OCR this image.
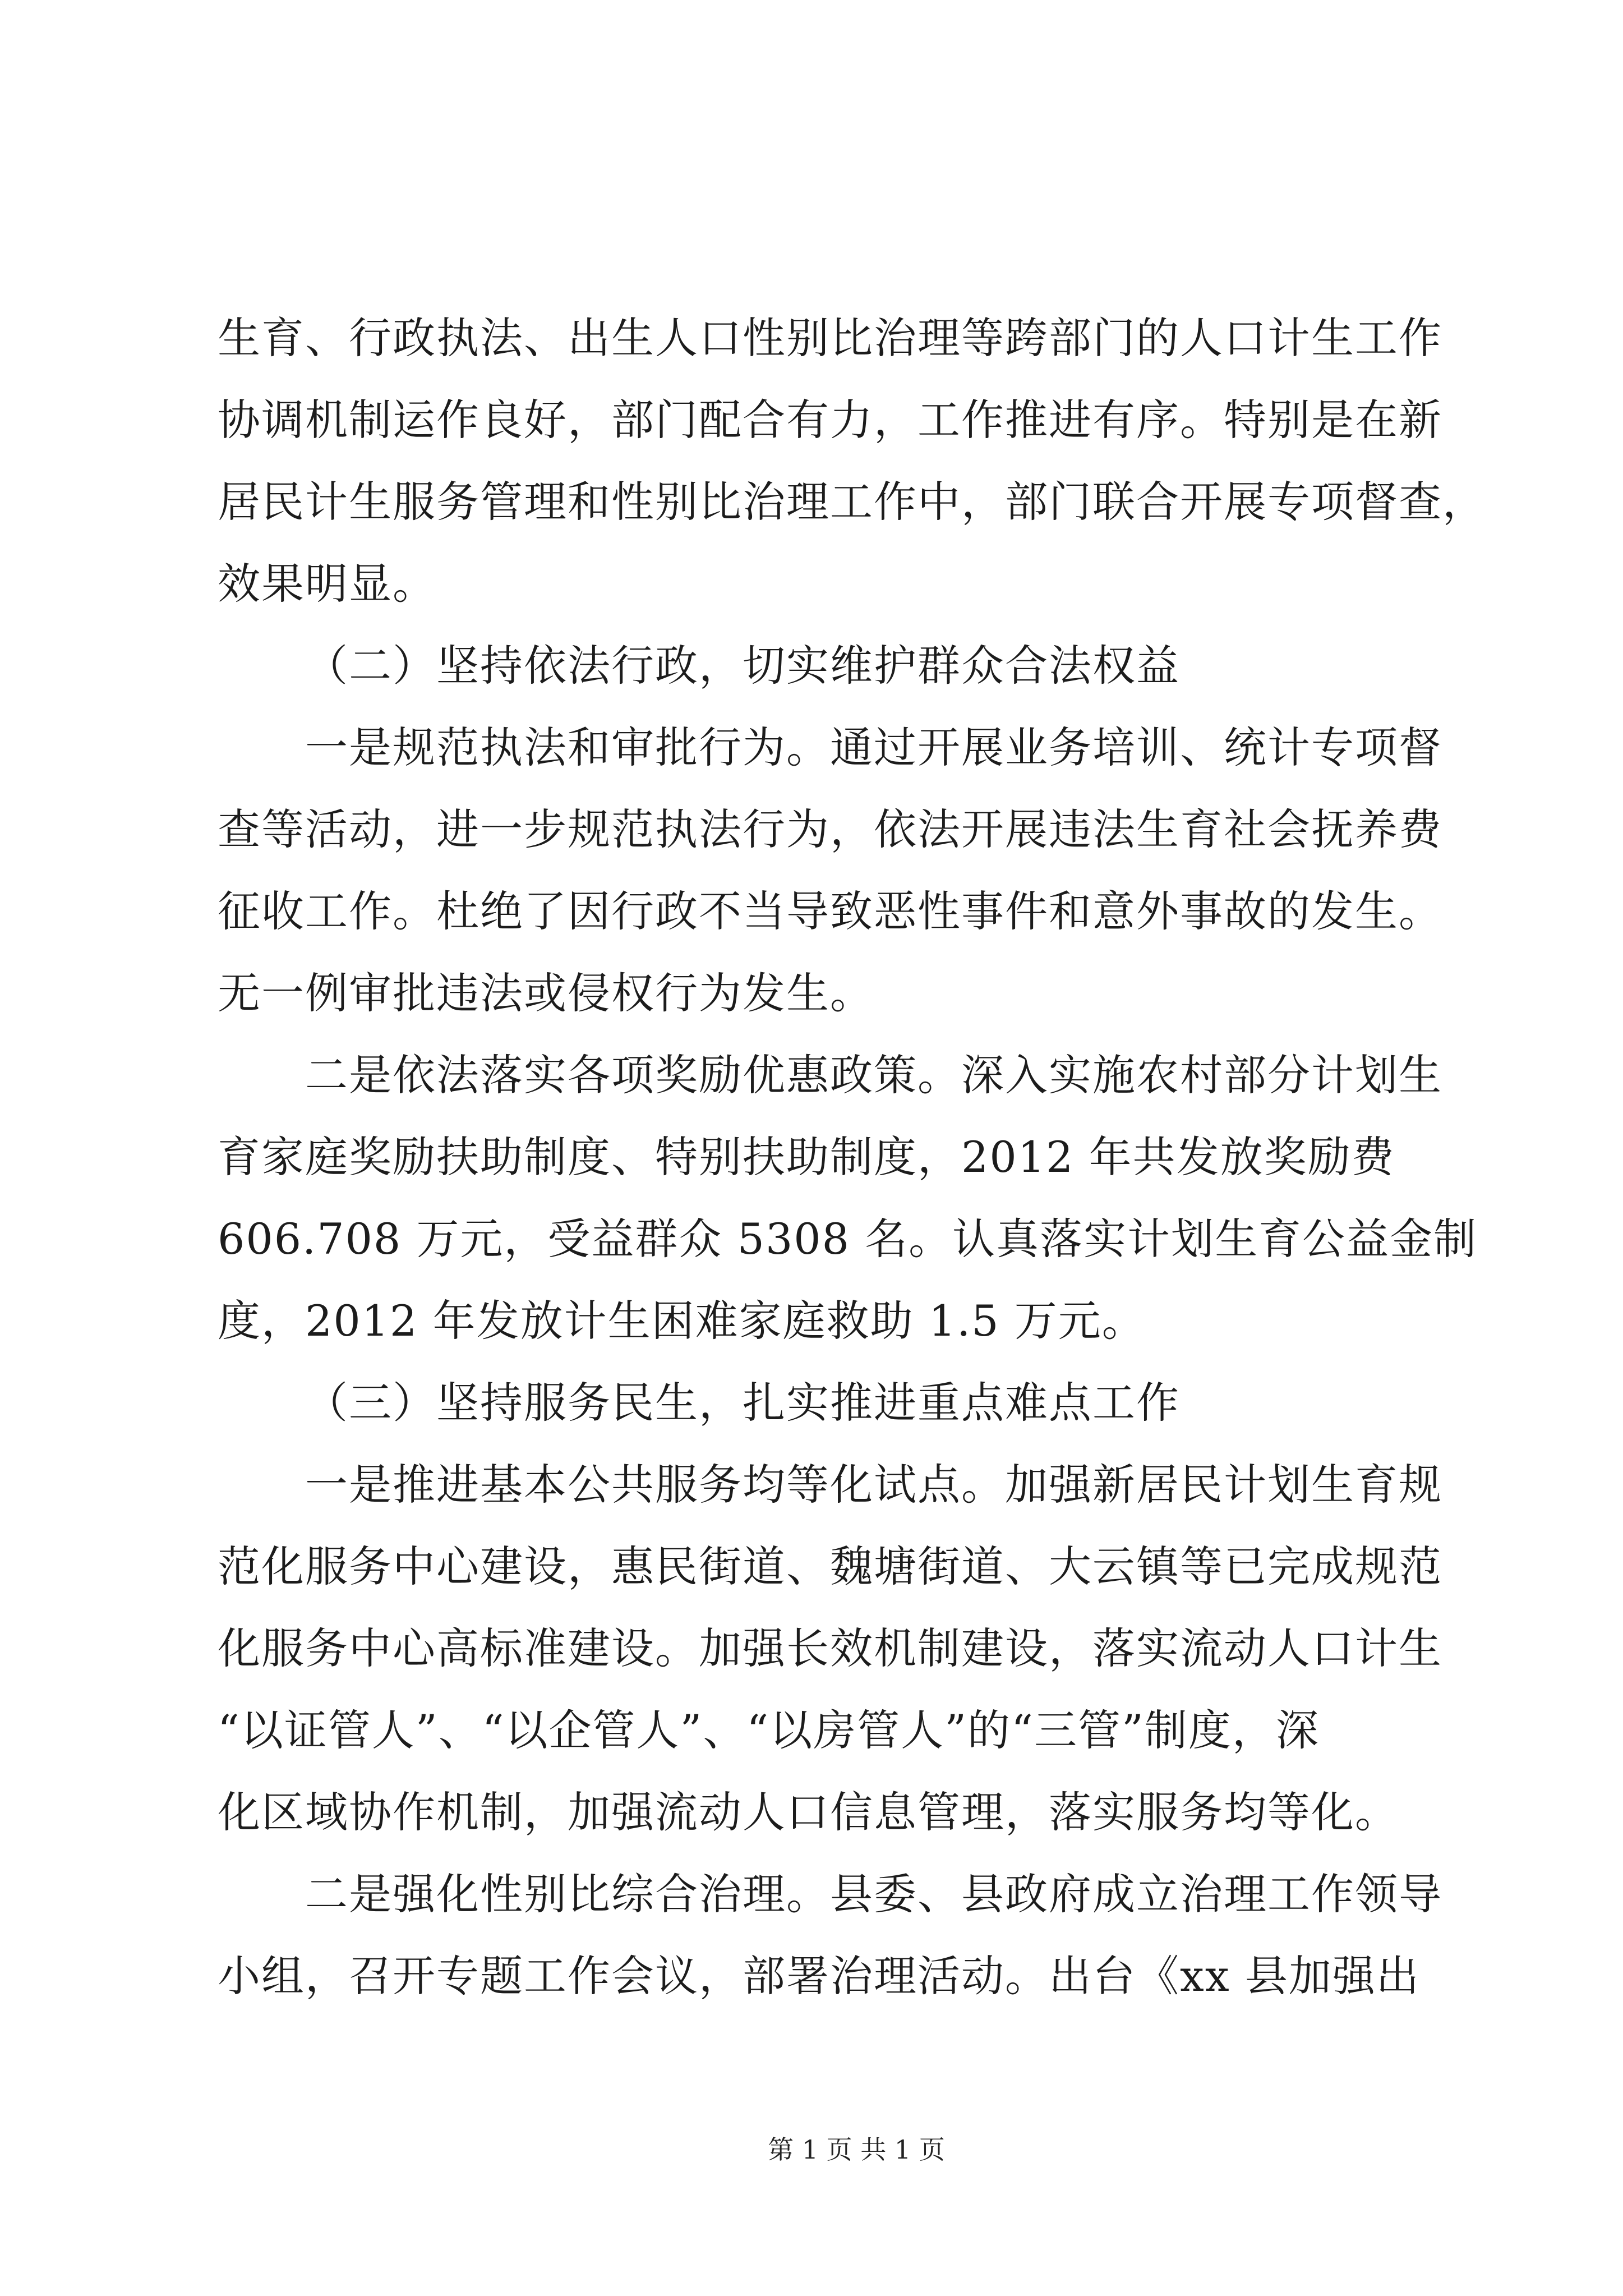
生育、行政执法、出生人口性别比治理等跨部门的人口计生工作
协调机制运作良好，部门配合有力，工作推进有序。特别是在新
居民计生服务管理和性别比治理工作中，部门联合开展专项督查，
效果明显。
（二）坚持依法行政，切实维护群众合法权益
一是规范执法和审批行为。通过开展业务培训、统计专项督
查等活动，进一步规范执法行为，依法开展违法生育社会抚养费
征收工作。杜绝了因行政不当导致恶性事件和意外事故的发生。
无一例审批违法或侵权行为发生。
二是依法落实各项奖励优惠政策。深入实施农村部分计划生
育家庭奖励扶助制度、特别扶助制度，2012 年共发放奖励费
606.708 万元，受益群众 5308 名。认真落实计划生育公益金制
度，2012 年发放计生困难家庭救助 1.5 万元。
（三）坚持服务民生，扎实推进重点难点工作
一是推进基本公共服务均等化试点。加强新居民计划生育规
范化服务中心建设，惠民街道、魏塘街道、大云镇等已完成规范
化服务中心高标准建设。加强长效机制建设，落实流动人口计生
“以证管人”、“以企管人”、“以房管人”的“三管”制度，深
化区域协作机制，加强流动人口信息管理，落实服务均等化。
二是强化性别比综合治理。县委、县政府成立治理工作领导
小组，召开专题工作会议，部署治理活动。出台《xx 县加强出
第 1 页 共 1 页
